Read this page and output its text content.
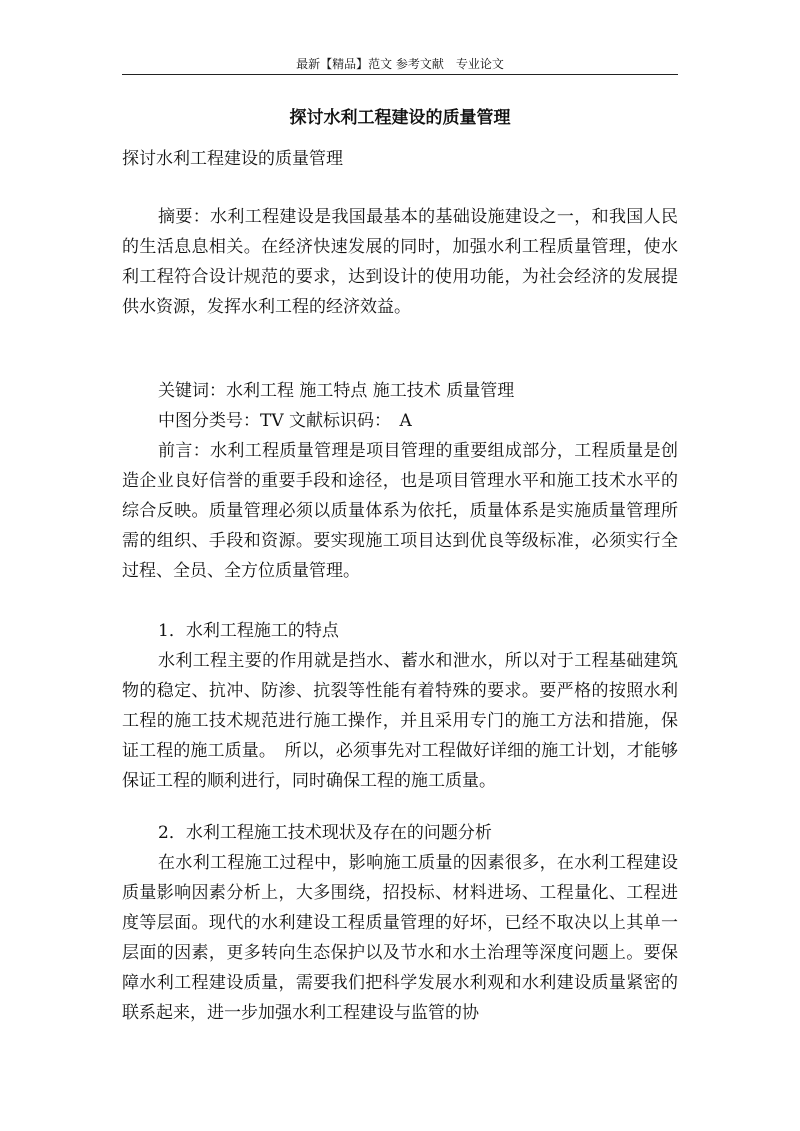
最新【精品】范文 参考文献　专业论文
探讨水利工程建设的质量管理

探讨水利工程建设的质量管理

摘要：水利工程建设是我国最基本的基础设施建设之一，和我国人民的生活息息相关。在经济快速发展的同时，加强水利工程质量管理，使水利工程符合设计规范的要求，达到设计的使用功能，为社会经济的发展提供水资源，发挥水利工程的经济效益。

关键词：水利工程 施工特点 施工技术 质量管理

中图分类号：TV 文献标识码：　A

前言：水利工程质量管理是项目管理的重要组成部分，工程质量是创造企业良好信誉的重要手段和途径，也是项目管理水平和施工技术水平的综合反映。质量管理必须以质量体系为依托，质量体系是实施质量管理所需的组织、手段和资源。要实现施工项目达到优良等级标准，必须实行全过程、全员、全方位质量管理。

1．水利工程施工的特点

水利工程主要的作用就是挡水、蓄水和泄水，所以对于工程基础建筑物的稳定、抗冲、防渗、抗裂等性能有着特殊的要求。要严格的按照水利工程的施工技术规范进行施工操作，并且采用专门的施工方法和措施，保证工程的施工质量。　所以，必须事先对工程做好详细的施工计划，才能够保证工程的顺利进行，同时确保工程的施工质量。

2．水利工程施工技术现状及存在的问题分析

在水利工程施工过程中，影响施工质量的因素很多，在水利工程建设质量影响因素分析上，大多围绕，招投标、材料进场、工程量化、工程进度等层面。现代的水利建设工程质量管理的好坏，已经不取决以上其单一层面的因素，更多转向生态保护以及节水和水土治理等深度问题上。要保障水利工程建设质量，需要我们把科学发展水利观和水利建设质量紧密的联系起来，进一步加强水利工程建设与监管的协
